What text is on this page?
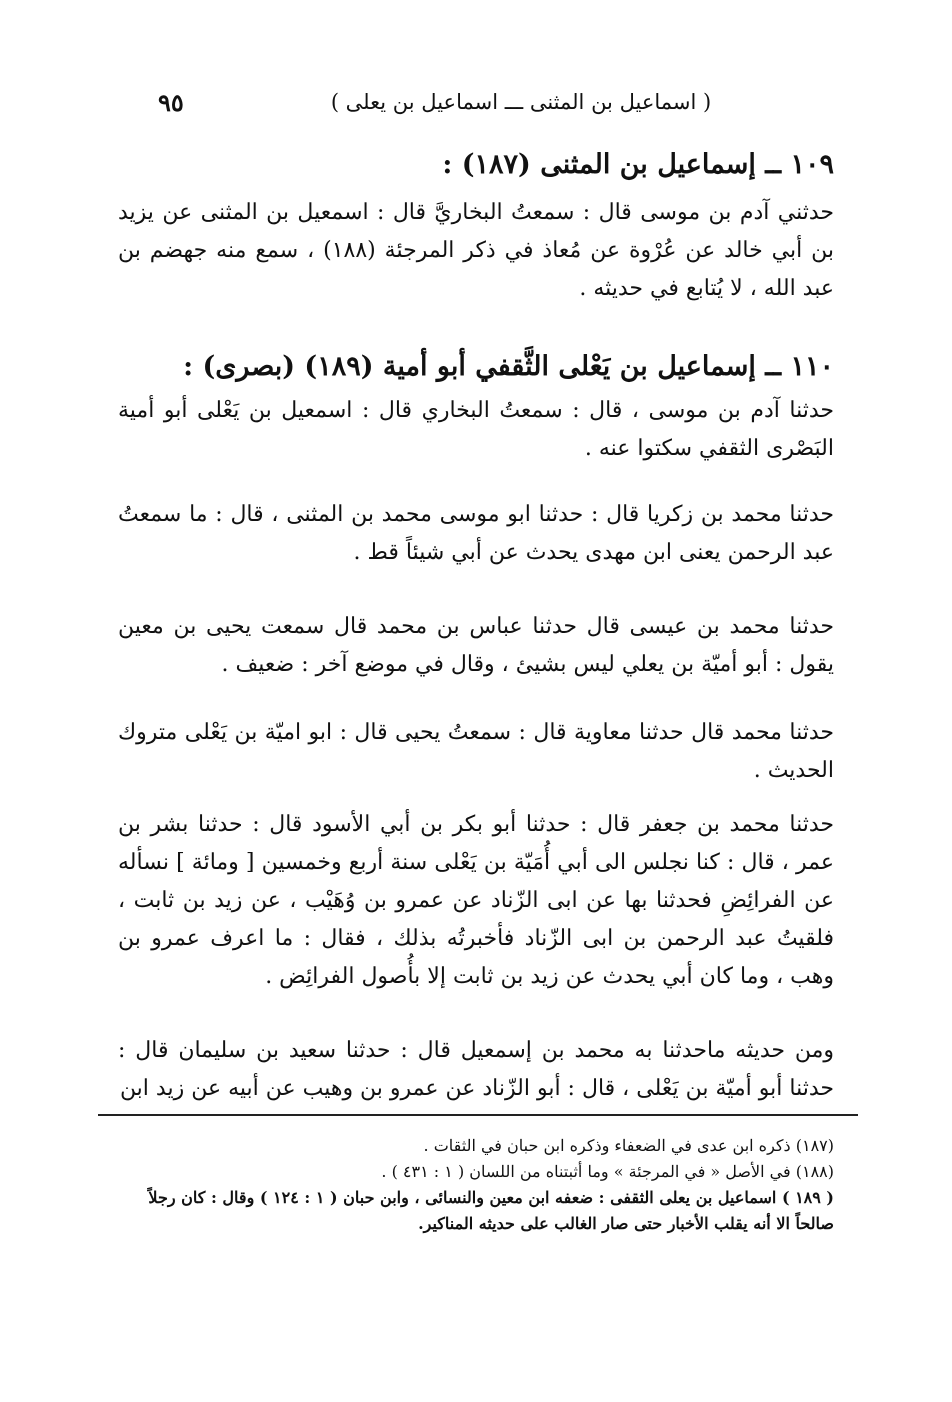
٩٥	( اسماعيل بن المثنى ـــ اسماعيل بن يعلى )
١٠٩ ــ إسماعيل بن المثنى (١٨٧) :

حدثني آدم بن موسى قال : سمعتُ البخاريَّ قال : اسمعيل بن المثنى عن يزيد بن أبي خالد عن عُرْوة عن مُعاذ في ذكر المرجئة (١٨٨) ، سمع منه جهضم بن عبد الله ، لا يُتابع في حديثه .

١١٠ ــ إسماعيل بن يَعْلى الثَّقفي أبو أمية (١٨٩) (بصرى) :

حدثنا آدم بن موسى ، قال : سمعتُ البخاري قال : اسمعيل بن يَعْلى أبو أمية البَصْرى الثقفي سكتوا عنه .

حدثنا محمد بن زكريا قال : حدثنا ابو موسى محمد بن المثنى ، قال : ما سمعتُ عبد الرحمن يعنى ابن مهدى يحدث عن أبي شيئاً قط .

حدثنا محمد بن عيسى قال حدثنا عباس بن محمد قال سمعت يحيى بن معين يقول : أبو أميّة بن يعلي ليس بشيئ ، وقال في موضع آخر : ضعيف .

حدثنا محمد قال حدثنا معاوية قال : سمعتُ يحيى قال : ابو اميّة بن يَعْلى متروك الحديث .

حدثنا محمد بن جعفر قال : حدثنا أبو بكر بن أبي الأسود قال : حدثنا بشر بن عمر ، قال : كنا نجلس الى أبي أُمَيّة بن يَعْلى سنة أربع وخمسين [ ومائة ] نسأله عن الفرائِضِ فحدثنا بها عن ابى الزّناد عن عمرو بن وُهَيْب ، عن زيد بن ثابت ، فلقيتُ عبد الرحمن بن ابى الزّناد فأخبرتُه بذلك ، فقال : ما اعرف عمرو بن وهب ، وما كان أبي يحدث عن زيد بن ثابت إلا بأُصول الفرائِض .

ومن حديثه ماحدثنا به محمد بن إسمعيل قال : حدثنا سعيد بن سليمان قال : حدثنا أبو أميّة بن يَعْلى ، قال : أبو الزّناد عن عمرو بن وهيب عن أبيه عن زيد ابن

(١٨٧) ذكره ابن عدى في الضعفاء وذكره ابن حبان في الثقات .

(١٨٨) في الأصل « في المرجئة » وما أثبتناه من اللسان ( ١ : ٤٣١ ) .

( ١٨٩ ) اسماعيل بن يعلى الثقفى : ضعفه ابن معين والنسائى ، وابن حبان ( ١ : ١٢٤ ) وقال : كان رجلاً صالحاً الا أنه يقلب الأخبار حتى صار الغالب على حديثه المناكير.
